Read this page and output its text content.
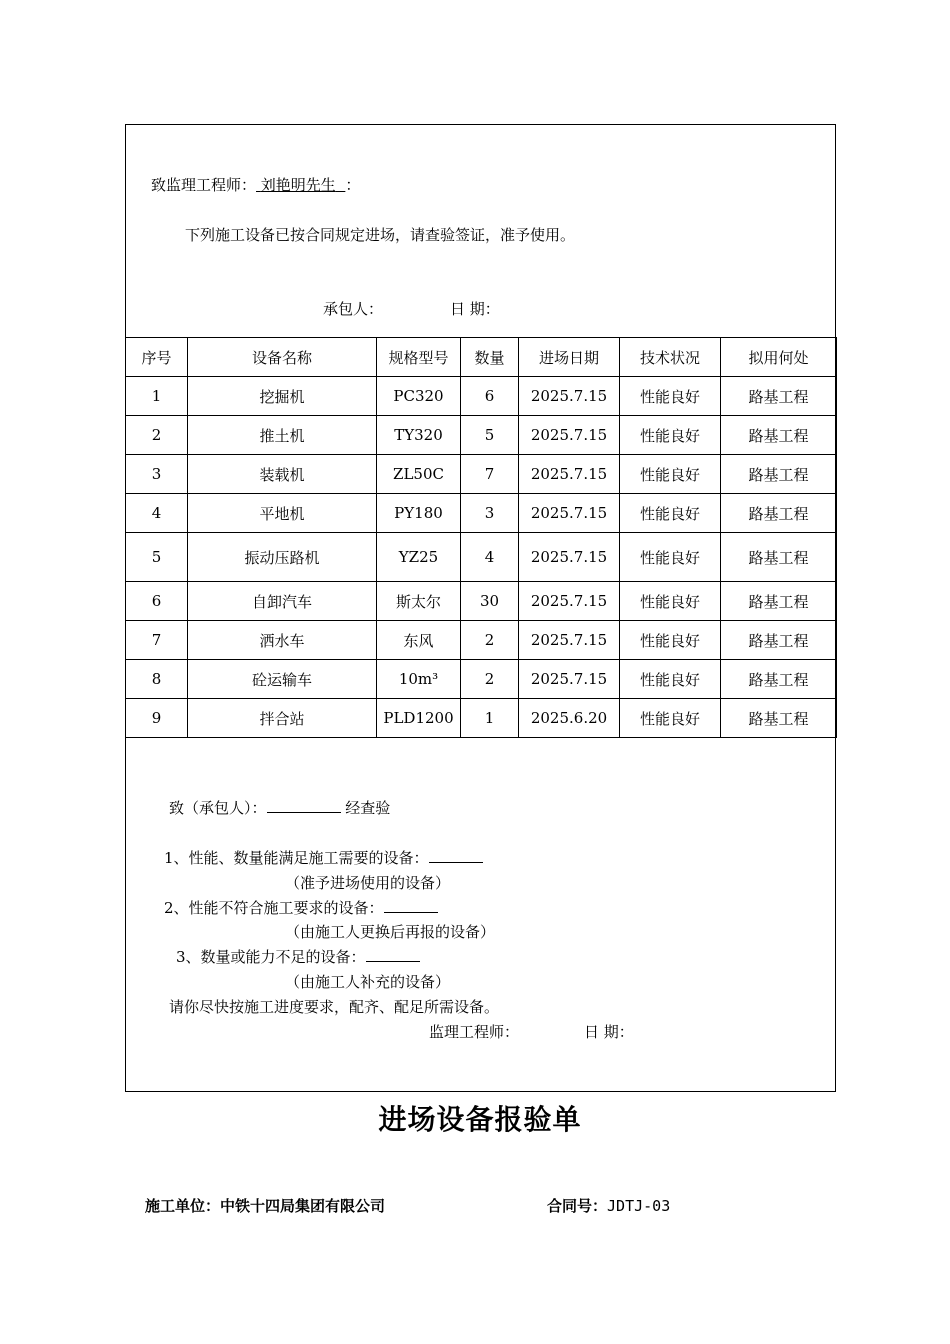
致监理工程师： 刘艳明先生 ：
下列施工设备已按合同规定进场，请查验签证，准予使用。
承包人：	日 期：
序号	设备名称	规格型号	数量	进场日期	技术状况	拟用何处
1	挖掘机	PC320	6	2025.7.15	性能良好	路基工程
2	推土机	TY320	5	2025.7.15	性能良好	路基工程
3	装载机	ZL50C	7	2025.7.15	性能良好	路基工程
4	平地机	PY180	3	2025.7.15	性能良好	路基工程
5	振动压路机	YZ25	4	2025.7.15	性能良好	路基工程
6	自卸汽车	斯太尔	30	2025.7.15	性能良好	路基工程
7	洒水车	东风	2	2025.7.15	性能良好	路基工程
8	砼运输车	10m³	2	2025.7.15	性能良好	路基工程
9	拌合站	PLD1200	1	2025.6.20	性能良好	路基工程
致（承包人）：	经查验
1、性能、数量能满足施工需要的设备：
（准予进场使用的设备）
2、性能不符合施工要求的设备：
（由施工人更换后再报的设备）
3、数量或能力不足的设备：
（由施工人补充的设备）
请你尽快按施工进度要求，配齐、配足所需设备。
监理工程师：	日 期：
进场设备报验单
施工单位：中铁十四局集团有限公司	合同号：JDTJ-03
